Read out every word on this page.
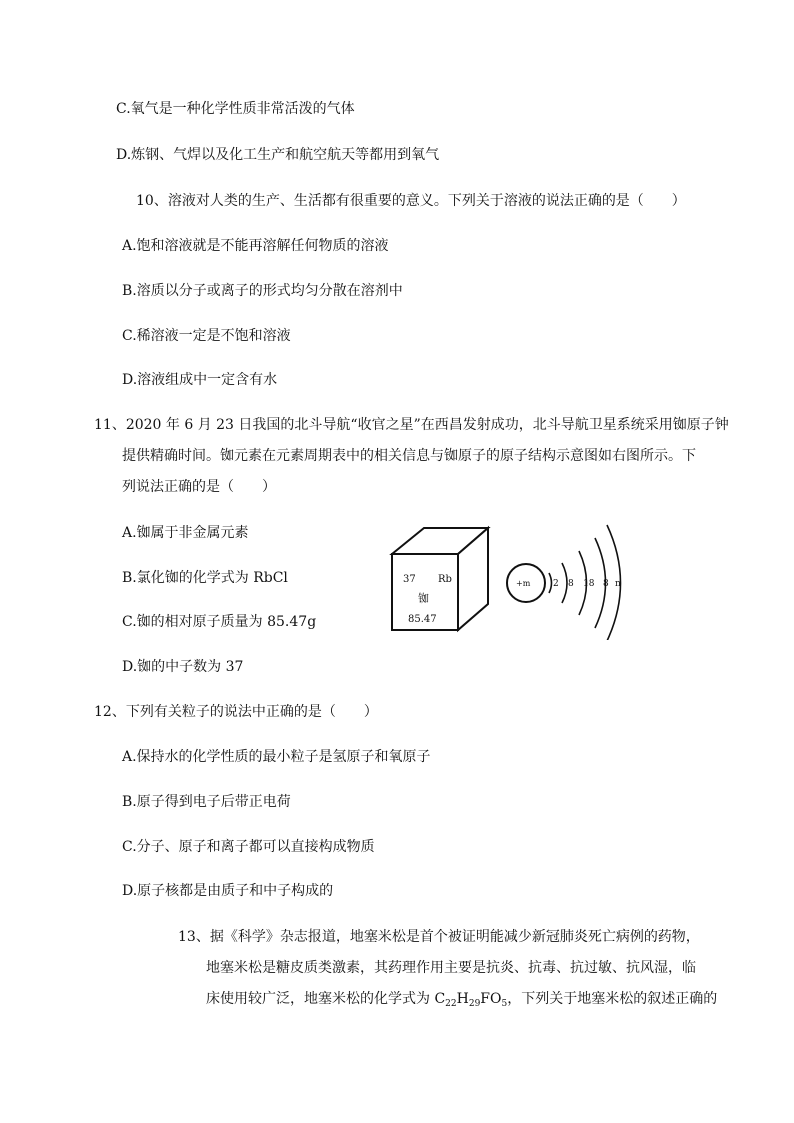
C.氧气是一种化学性质非常活泼的气体
D.炼钢、气焊以及化工生产和航空航天等都用到氧气
10、溶液对人类的生产、生活都有很重要的意义。下列关于溶液的说法正确的是（　　）
A.饱和溶液就是不能再溶解任何物质的溶液
B.溶质以分子或离子的形式均匀分散在溶剂中
C.稀溶液一定是不饱和溶液
D.溶液组成中一定含有水
11、2020 年 6 月 23 日我国的北斗导航“收官之星”在西昌发射成功，北斗导航卫星系统采用铷原子钟
提供精确时间。铷元素在元素周期表中的相关信息与铷原子的原子结构示意图如右图所示。下
列说法正确的是（　　）
A.铷属于非金属元素
B.氯化铷的化学式为 RbCl
C.铷的相对原子质量为 85.47g
D.铷的中子数为 37
37 Rb
铷
85.47
+m	2 8 18 8 n
12、下列有关粒子的说法中正确的是（　　）
A.保持水的化学性质的最小粒子是氢原子和氧原子
B.原子得到电子后带正电荷
C.分子、原子和离子都可以直接构成物质
D.原子核都是由质子和中子构成的
13、据《科学》杂志报道，地塞米松是首个被证明能减少新冠肺炎死亡病例的药物，
地塞米松是糖皮质类激素，其药理作用主要是抗炎、抗毒、抗过敏、抗风湿，临
床使用较广泛，地塞米松的化学式为 $C_{22}H_{29}FO_5$，下列关于地塞米松的叙述正确的
